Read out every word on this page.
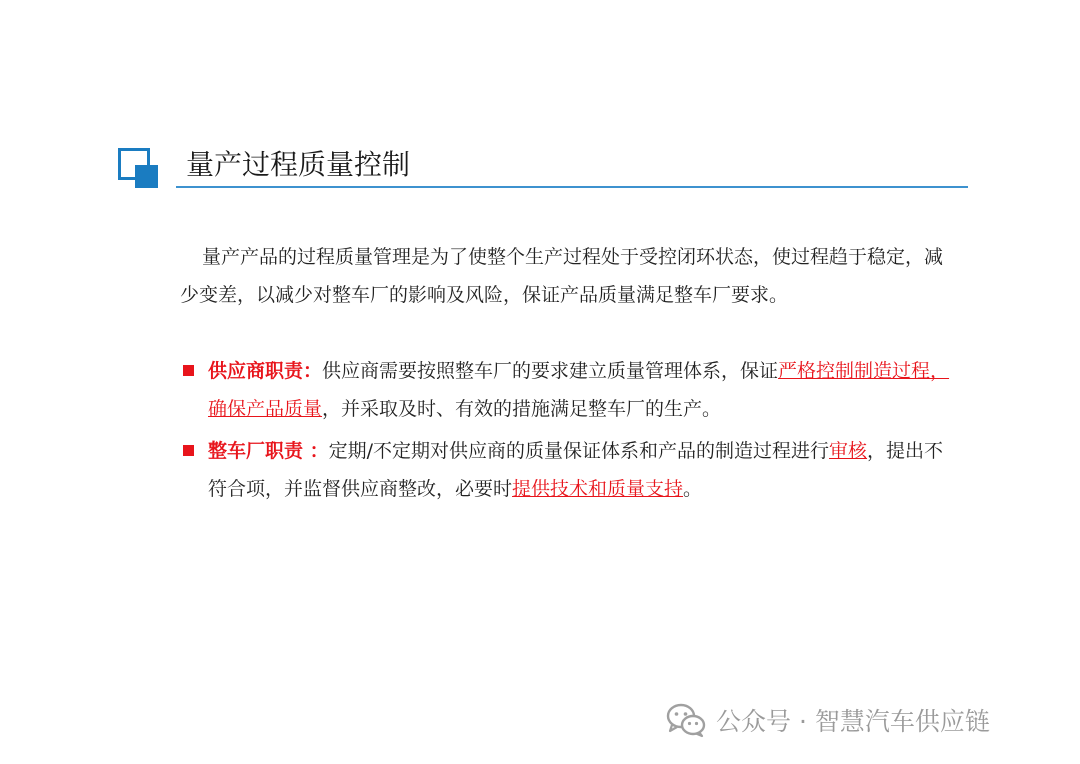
量产过程质量控制

量产产品的过程质量管理是为了使整个生产过程处于受控闭环状态，使过程趋于稳定，减少变差，以减少对整车厂的影响及风险，保证产品质量满足整车厂要求。

供应商职责：供应商需要按照整车厂的要求建立质量管理体系，保证严格控制制造过程，确保产品质量，并采取及时、有效的措施满足整车厂的生产。
整车厂职责 ：定期/不定期对供应商的质量保证体系和产品的制造过程进行审核，提出不符合项，并监督供应商整改，必要时提供技术和质量支持。
公众号 · 智慧汽车供应链
